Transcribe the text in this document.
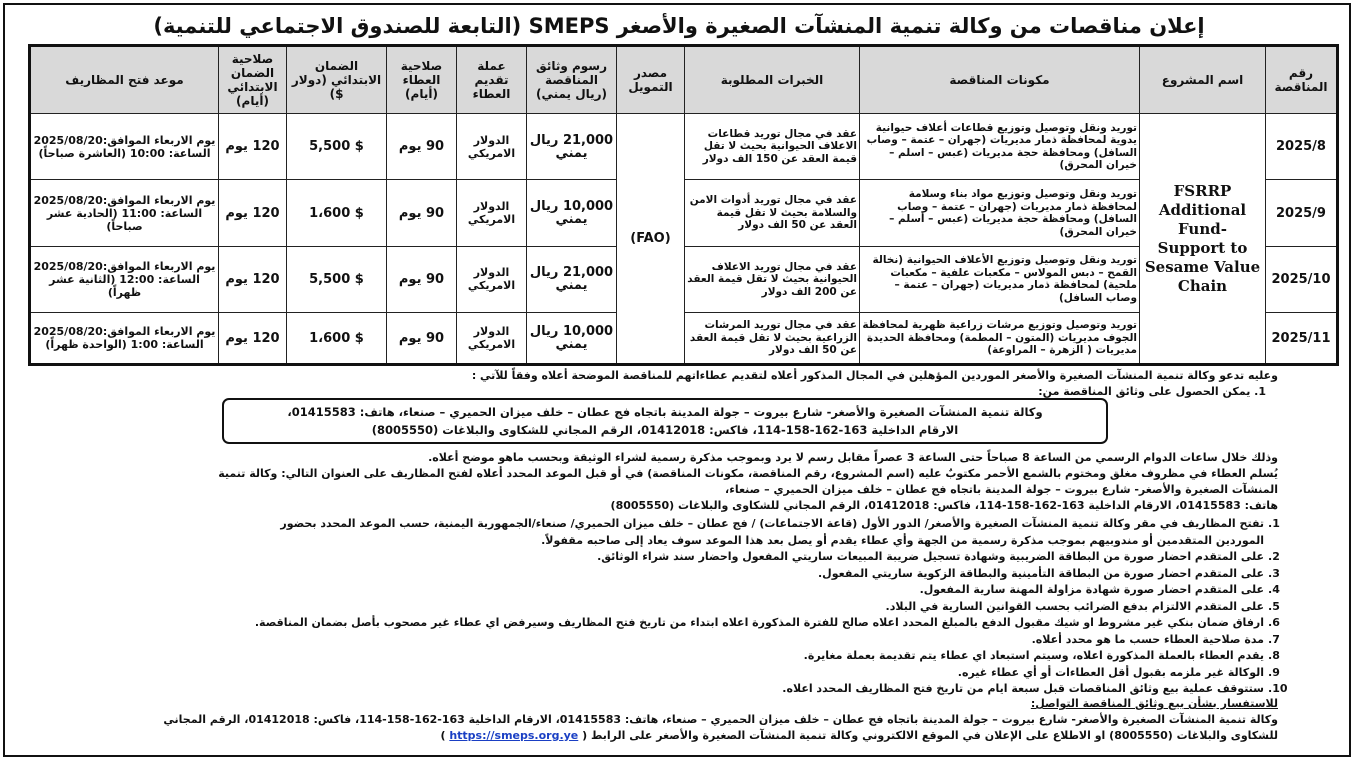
إعلان مناقصات من وكالة تنمية المنشآت الصغيرة والأصغر SMEPS (التابعة للصندوق الاجتماعي للتنمية)
رقم المناقصة	اسم المشروع	مكونات المناقصة	الخبرات المطلوبة	مصدر التمويل	رسوم وثائق المناقصة (ريال يمني)	عملة تقديم العطاء	صلاحية العطاء (أيام)	الضمان الابتدائي (دولار $)	صلاحية الضمان الابتدائي (أيام)	موعد فتح المظاريف
2025/8	FSRRP Additional Fund- Support to Sesame Value Chain	توريد ونقل وتوصيل وتوزيع قطاعات أعلاف حيوانية يدوية لمحافظة ذمار مديريات (جهران – عتمة – وصاب السافل) ومحافظة حجة مديريات (عبس – اسلم – خيران المحرق)	عقد في مجال توريد قطاعات الاعلاف الحيوانية بحيث لا تقل قيمة العقد عن 150 الف دولار	(FAO)	21,000 ريال يمني	الدولار الامريكي	90 يوم	$ 5,500	120 يوم	يوم الاربعاء الموافق:2025/08/20 الساعة: 10:00 (العاشرة صباحاً)
2025/9		توريد ونقل وتوصيل وتوزيع مواد بناء وسلامة لمحافظة ذمار مديريات (جهران – عتمة – وصاب السافل) ومحافظة حجة مديريات (عبس – أسلم – خيران المحرق)	عقد في مجال توريد أدوات الامن والسلامة بحيث لا تقل قيمة العقد عن 50 الف دولار		10,000 ريال يمني	الدولار الامريكي	90 يوم	$ 1،600	120 يوم	يوم الاربعاء الموافق:2025/08/20 الساعة: 11:00 (الحادية عشر صباحاً)
2025/10		توريد ونقل وتوصيل وتوزيع الأعلاف الحيوانية (نخالة القمح – دبس المولاس – مكعبات علفية – مكعبات ملحية) لمحافظة ذمار مديريات (جهران – عتمة – وصاب السافل)	عقد في مجال توريد الاعلاف الحيوانية بحيث لا تقل قيمة العقد عن 200 الف دولار		21,000 ريال يمني	الدولار الامريكي	90 يوم	$ 5,500	120 يوم	يوم الاربعاء الموافق:2025/08/20 الساعة: 12:00 (الثانية عشر ظهراً)
2025/11		توريد وتوصيل وتوزيع مرشات زراعية ظهرية لمحافظة الجوف مديريات (المتون – المطمة) ومحافظة الحديدة مديريات ( الزهرة – المراوعة)	عقد في مجال توريد المرشات الزراعية بحيث لا تقل قيمة العقد عن 50 الف دولار		10,000 ريال يمني	الدولار الامريكي	90 يوم	$ 1،600	120 يوم	يوم الاربعاء الموافق:2025/08/20 الساعة: 1:00 (الواحدة ظهراً)
وعليه تدعو وكالة تنمية المنشآت الصغيرة والأصغر الموردين المؤهلين في المجال المذكور أعلاه لتقديم عطاءاتهم للمناقصة الموضحة أعلاه وفقاً للآتي :
1. يمكن الحصول على وثائق المناقصة من:
وكالة تنمية المنشآت الصغيرة والأصغر- شارع بيروت – جولة المدينة باتجاه فج عطان – خلف ميزان الحميري – صنعاء، هاتف: 01415583،
الارقام الداخلية 163-162-158-114، فاكس: 01412018، الرقم المجاني للشكاوى والبلاغات (8005550)
وذلك خلال ساعات الدوام الرسمي من الساعة 8 صباحاً حتى الساعة 3 عصراً مقابل رسم لا يرد وبموجب مذكرة رسمية لشراء الوثيقة وبحسب ماهو موضح أعلاه.
يُسلم العطاء في مظروف مغلق ومختوم بالشمع الأحمر مكتوبٌ عليه (اسم المشروع، رقم المناقصة، مكونات المناقصة) في أو قبل الموعد المحدد أعلاه لفتح المظاريف على العنوان التالي: وكالة تنمية
المنشآت الصغيرة والأصغر- شارع بيروت – جولة المدينة باتجاه فج عطان – خلف ميزان الحميري – صنعاء،
هاتف: 01415583، الارقام الداخلية 163-162-158-114، فاكس: 01412018، الرقم المجاني للشكاوى والبلاغات (8005550)
1.تفتح المظاريف في مقر وكالة تنمية المنشآت الصغيرة والأصغر/ الدور الأول (قاعة الاجتماعات) / فج عطان – خلف ميزان الحميري/ صنعاء/الجمهورية اليمنية، حسب الموعد المحدد بحضور
الموردين المتقدمين أو مندوبيهم بموجب مذكرة رسمية من الجهة وأي عطاء يقدم أو يصل بعد هذا الموعد سوف يعاد إلى صاحبه مقفولاً.
2.على المتقدم احضار صورة من البطاقة الضريبية وشهادة تسجيل ضريبة المبيعات ساريتي المفعول واحضار سند شراء الوثائق.
3.على المتقدم احضار صورة من البطاقة التأمينية والبطاقة الزكوية ساريتي المفعول.
4.على المتقدم احضار صورة شهادة مزاولة المهنة سارية المفعول.
5.على المتقدم الالتزام بدفع الضرائب بحسب القوانين السارية في البلاد.
6.ارفاق ضمان بنكي غير مشروط او شيك مقبول الدفع بالمبلغ المحدد اعلاه صالح للفترة المذكورة اعلاه ابتداء من تاريخ فتح المظاريف وسيرفض اي عطاء غير مصحوب بأصل بضمان المناقصة.
7.مدة صلاحية العطاء حسب ما هو محدد أعلاه.
8.يقدم العطاء بالعملة المذكورة اعلاه، وسيتم استبعاد اي عطاء يتم تقديمة بعملة مغايرة.
9.الوكالة غير ملزمه بقبول أقل العطاءات أو أي عطاء غيره.
10.ستتوقف عملية بيع وثائق المناقصات قبل سبعة ايام من تاريخ فتح المظاريف المحدد اعلاه.
للاستفسار بشأن بيع وثائق المناقصة التواصل:
وكالة تنمية المنشآت الصغيرة والأصغر- شارع بيروت – جولة المدينة باتجاه فج عطان – خلف ميزان الحميري – صنعاء، هاتف: 01415583، الارقام الداخلية 163-162-158-114، فاكس: 01412018، الرقم المجاني
للشكاوى والبلاغات (8005550) او الاطلاع على الإعلان في الموقع الالكتروني وكالة تنمية المنشآت الصغيرة والأصغر على الرابط ( https://smeps.org.ye )
